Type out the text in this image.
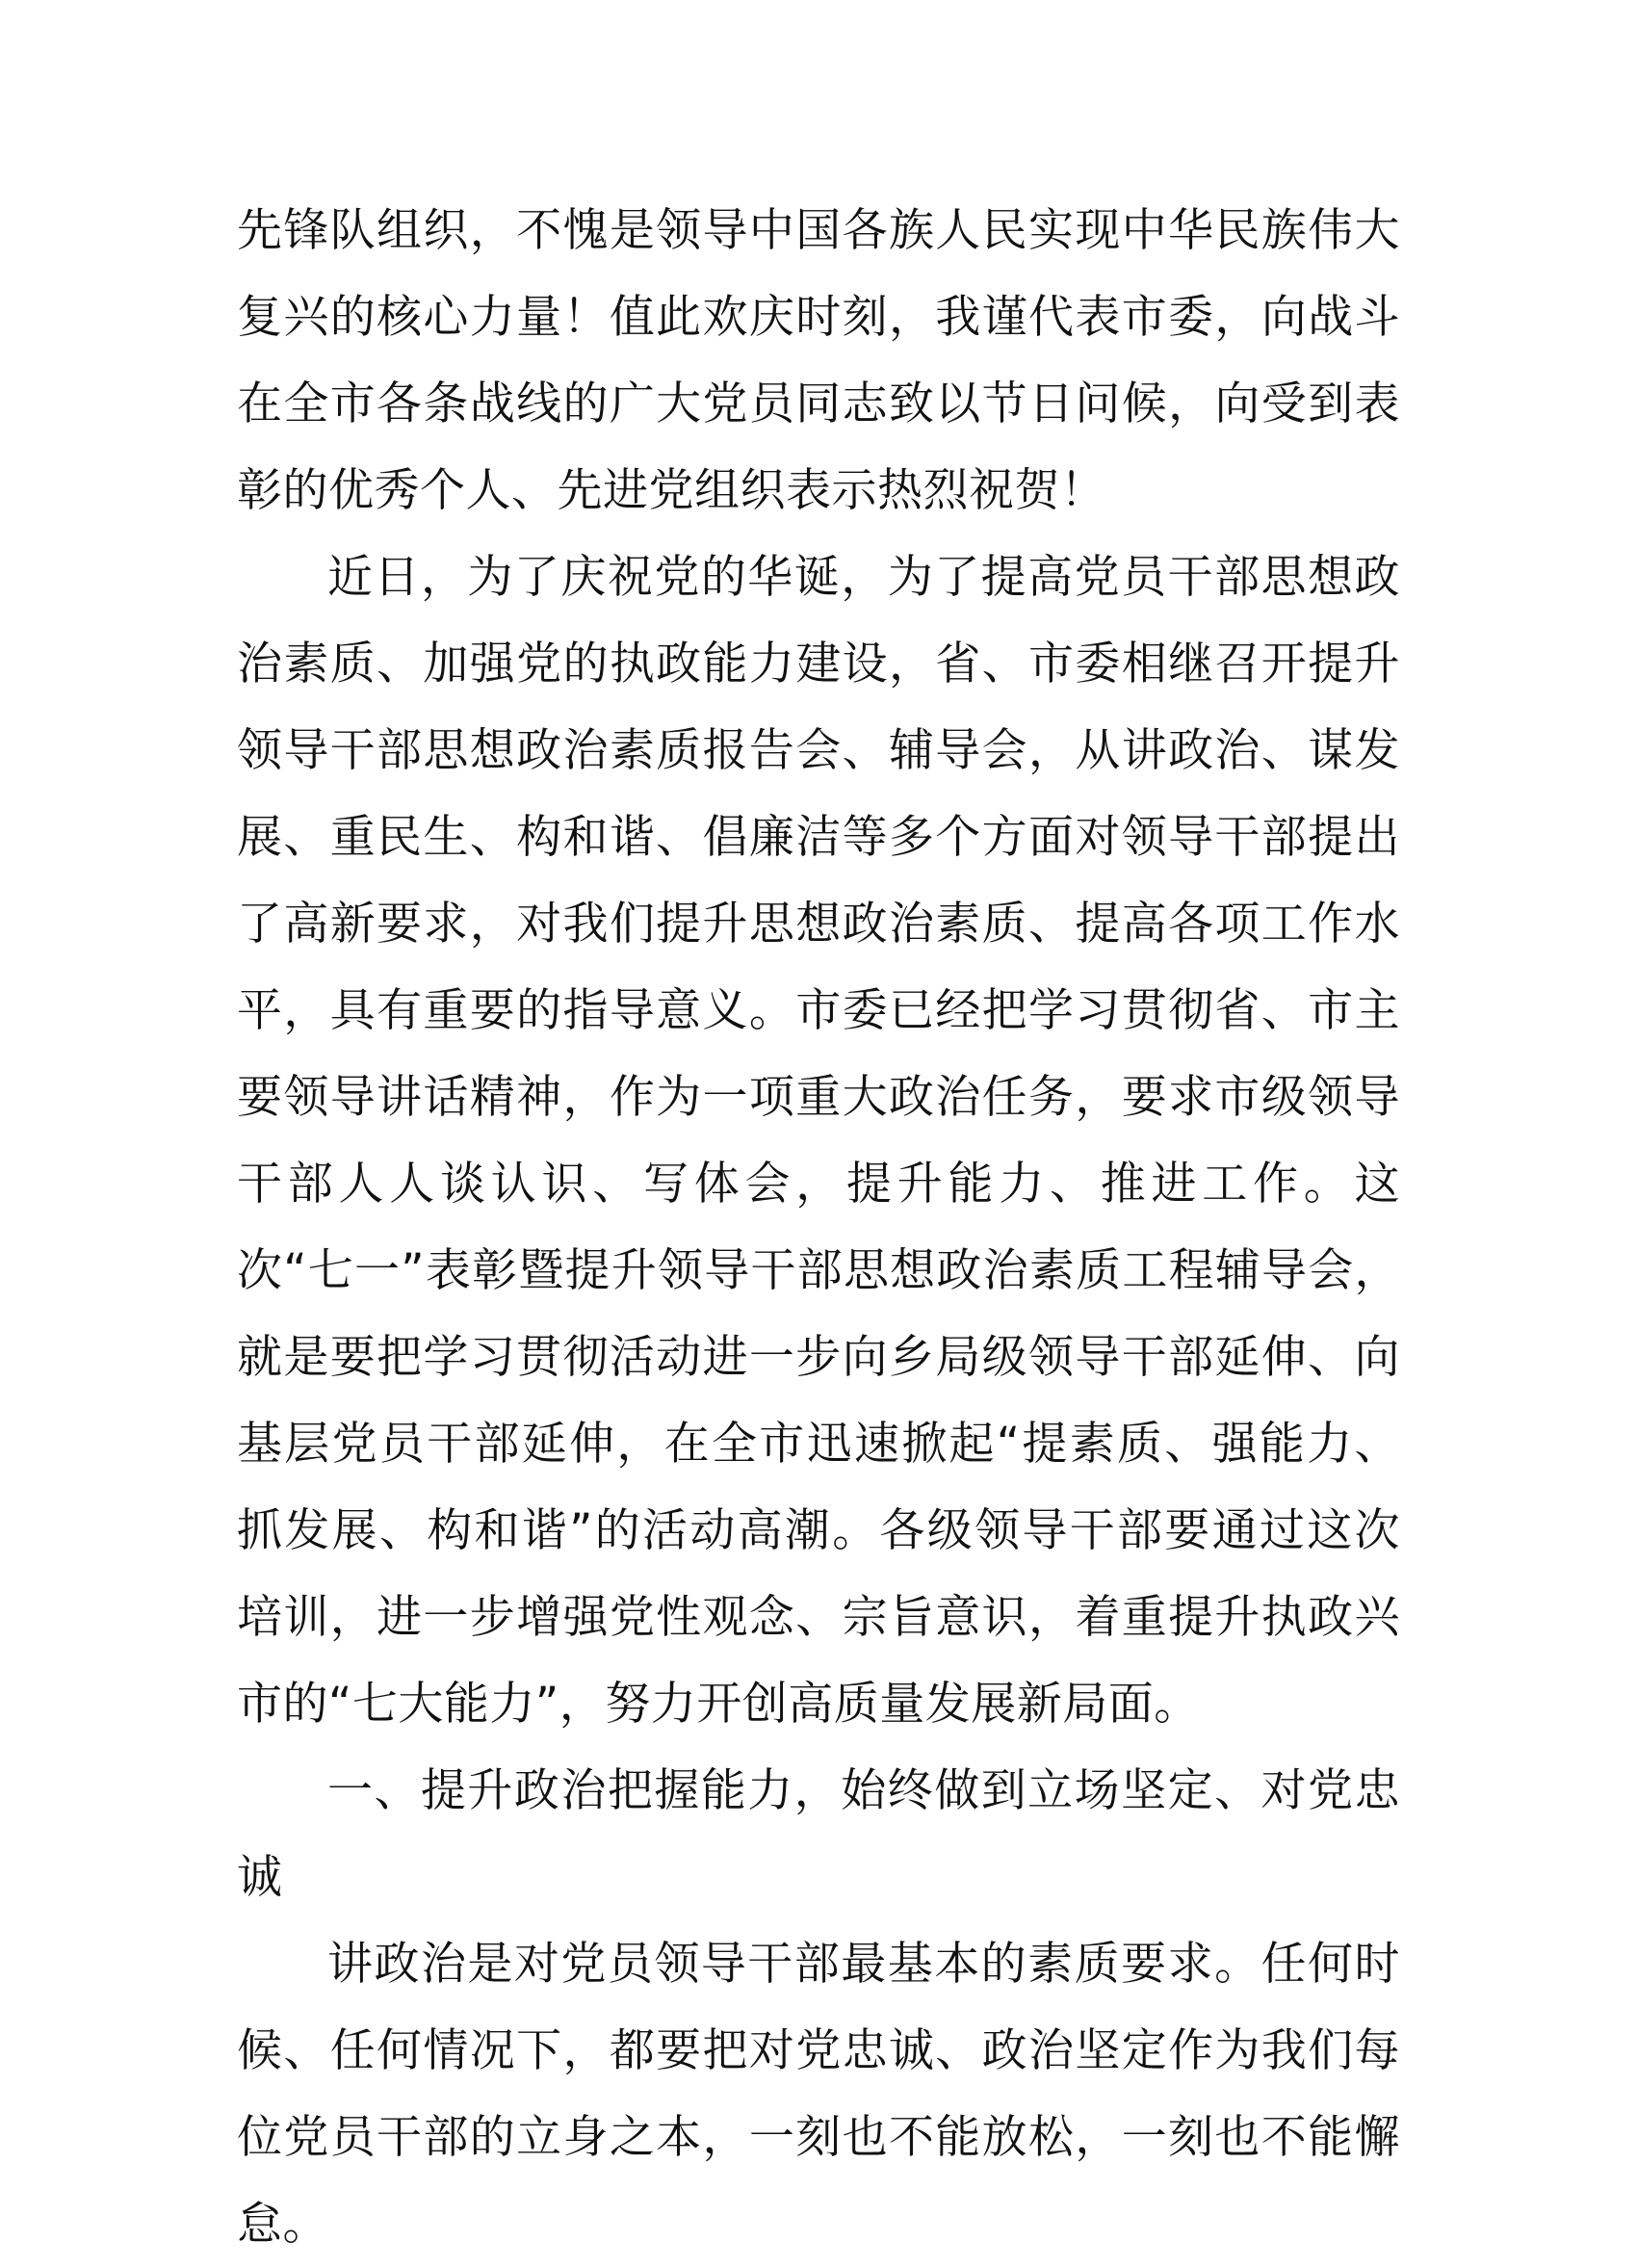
先锋队组织，不愧是领导中国各族人民实现中华民族伟大复兴的核心力量！值此欢庆时刻，我谨代表市委，向战斗在全市各条战线的广大党员同志致以节日问候，向受到表彰的优秀个人、先进党组织表示热烈祝贺！

近日，为了庆祝党的华诞，为了提高党员干部思想政治素质、加强党的执政能力建设，省、市委相继召开提升领导干部思想政治素质报告会、辅导会，从讲政治、谋发展、重民生、构和谐、倡廉洁等多个方面对领导干部提出了高新要求，对我们提升思想政治素质、提高各项工作水平，具有重要的指导意义。市委已经把学习贯彻省、市主要领导讲话精神，作为一项重大政治任务，要求市级领导干部人人谈认识、写体会，提升能力、推进工作。这次“七一”表彰暨提升领导干部思想政治素质工程辅导会，就是要把学习贯彻活动进一步向乡局级领导干部延伸、向基层党员干部延伸，在全市迅速掀起“提素质、强能力、抓发展、构和谐”的活动高潮。各级领导干部要通过这次培训，进一步增强党性观念、宗旨意识，着重提升执政兴市的“七大能力”，努力开创高质量发展新局面。

一、提升政治把握能力，始终做到立场坚定、对党忠诚

讲政治是对党员领导干部最基本的素质要求。任何时候、任何情况下，都要把对党忠诚、政治坚定作为我们每位党员干部的立身之本，一刻也不能放松，一刻也不能懈怠。
